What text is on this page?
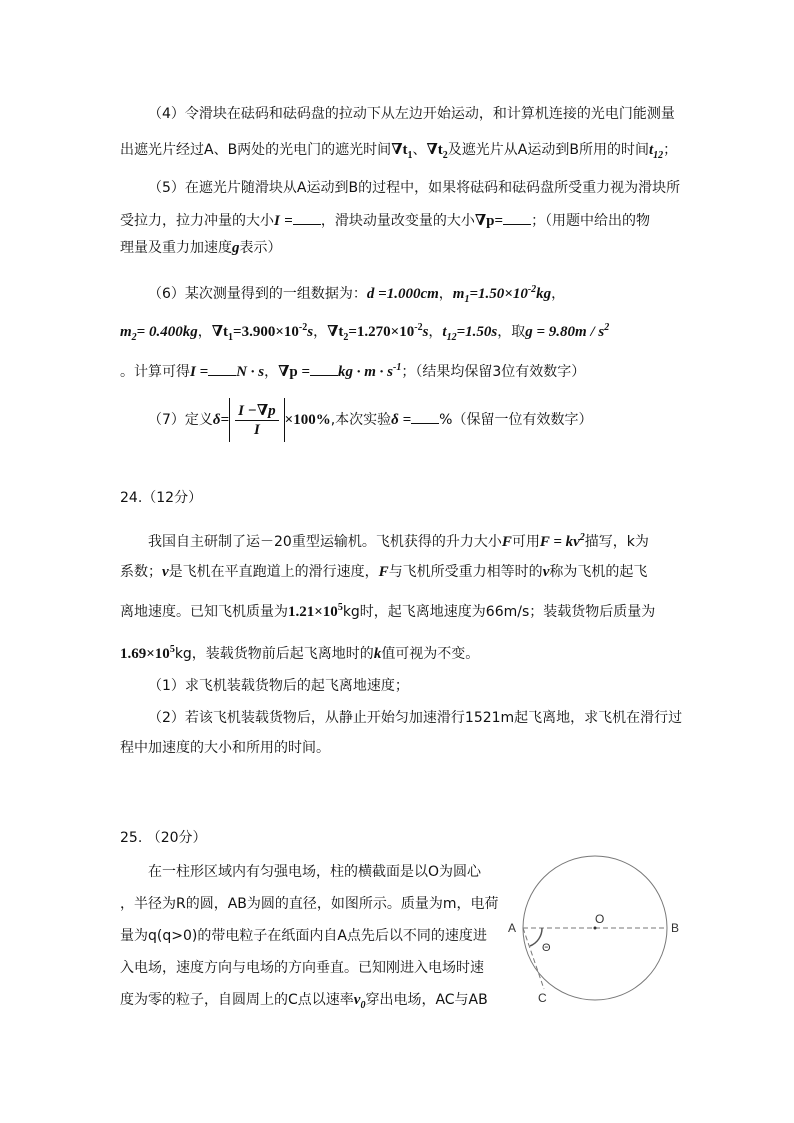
（4）令滑块在砝码和砝码盘的拉动下从左边开始运动，和计算机连接的光电门能测量
出遮光片经过A、B两处的光电门的遮光时间$\nabla t_1$、$\nabla t_2$及遮光片从A运动到B所用的时间$t_{12}$；
（5）在遮光片随滑块从A运动到B的过程中，如果将砝码和砝码盘所受重力视为滑块所
受拉力，拉力冲量的大小I = ，滑块动量改变量的大小∇p= ；（用题中给出的物
理量及重力加速度g表示）
（6）某次测量得到的一组数据为：d =1.000cm，$m_1=1.50\times 10^{-2}kg$，
$m_2= 0.400kg$，$\nabla t_1=3.900\times 10^{-2}s$，$\nabla t_2=1.270\times 10^{-2}s$，$t_{12}=1.50s$，取$g = 9.80m / s^2$
。计算可得I = N · s，∇p = kg · $m \cdot s^{-1}$；（结果均保留3位有效数字）
（7）定义$\delta= \frac{I -\nabla p}{I} \times 100\%$,本次实验δ = %（保留一位有效数字）
24.（12分）
我国自主研制了运－20重型运输机。飞机获得的升力大小F可用$F = kv^2$描写，k为
系数；v是飞机在平直跑道上的滑行速度，F与飞机所受重力相等时的v称为飞机的起飞
离地速度。已知飞机质量为$1.21\times 10^5kg$时，起飞离地速度为66m/s；装载货物后质量为
$1.69\times 10^5kg$，装载货物前后起飞离地时的k值可视为不变。
（1）求飞机装载货物后的起飞离地速度；
（2）若该飞机装载货物后，从静止开始匀加速滑行1521m起飞离地，求飞机在滑行过
程中加速度的大小和所用的时间。
25. （20分）
在一柱形区域内有匀强电场，柱的横截面是以O为圆心
，半径为R的圆，AB为圆的直径，如图所示。质量为m，电荷
量为q(q>0)的带电粒子在纸面内自A点先后以不同的速度进
入电场，速度方向与电场的方向垂直。已知刚进入电场时速
度为零的粒子，自圆周上的C点以速率$v_0$穿出电场，AC与AB
A	B
O
C
Θ
